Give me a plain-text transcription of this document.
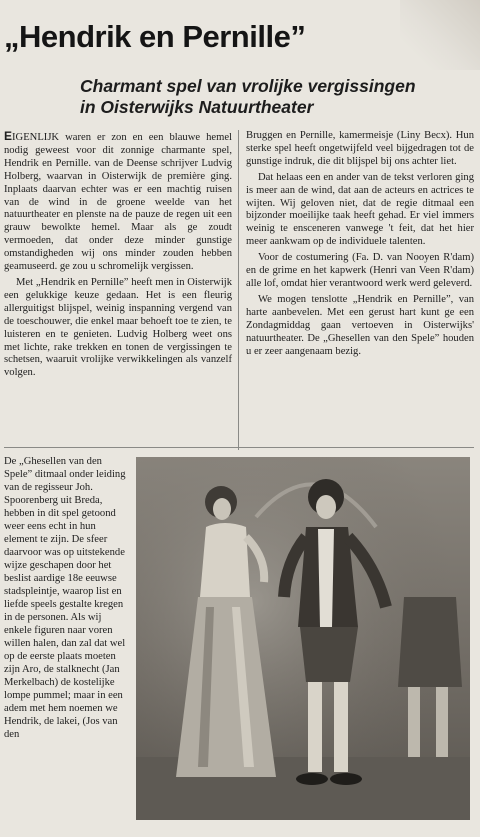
„Hendrik en Pernille”
Charmant spel van vrolijke vergissingen
in Oisterwijks Natuurtheater

EIGENLIJK waren er zon en een blauwe hemel nodig geweest voor dit zonnige charmante spel, Hendrik en Pernille. van de Deense schrijver Ludvig Holberg, waarvan in Oisterwijk de première ging. Inplaats daarvan echter was er een machtig ruisen van de wind in de groene weelde van het natuurtheater en plenste na de pauze de regen uit een grauw bewolkte hemel. Maar als ge zoudt vermoeden, dat onder deze minder gunstige omstandigheden wij ons minder zouden hebben geamuseerd. ge zou u schromelijk vergissen.

Met „Hendrik en Pernille” heeft men in Oisterwijk een gelukkige keuze gedaan. Het is een fleurig allerguitigst blijspel, weinig inspanning vergend van de toeschouwer, die enkel maar behoeft toe te zien, te luisteren en te genieten. Ludvig Holberg weet ons met lichte, rake trekken en tonen de vergissingen te schetsen, waaruit vrolijke verwikkelingen als vanzelf volgen.

Bruggen en Pernille, kamermeisje (Liny Becx). Hun sterke spel heeft ongetwijfeld veel bijgedragen tot de gunstige indruk, die dit blijspel bij ons achter liet.

Dat helaas een en ander van de tekst verloren ging is meer aan de wind, dat aan de acteurs en actrices te wijten. Wij geloven niet, dat de regie ditmaal een bijzonder moeilijke taak heeft gehad. Er viel immers weinig te ensceneren vanwege 't feit, dat het hier meer aankwam op de individuele talenten.

Voor de costumering (Fa. D. van Nooyen R'dam) en de grime en het kapwerk (Henri van Veen R'dam) alle lof, omdat hier verantwoord werk werd geleverd.

We mogen tenslotte „Hendrik en Pernille”, van harte aanbevelen. Met een gerust hart kunt ge een Zondagmiddag gaan vertoeven in Oisterwijks' natuurtheater. De „Ghesellen van den Spele” houden u er zeer aangenaam bezig.

De „Ghesellen van den Spele” ditmaal onder leiding van de regisseur Joh. Spoorenberg uit Breda, hebben in dit spel getoond weer eens echt in hun element te zijn. De sfeer daarvoor was op uitstekende wijze geschapen door het beslist aardige 18e eeuwse stadspleintje, waarop list en liefde speels gestalte kregen in de personen. Als wij enkele figuren naar voren willen halen, dan zal dat wel op de eerste plaats moeten zijn Aro, de stalknecht (Jan Merkelbach) de kostelijke lompe pummel; maar in een adem met hem noemen we Hendrik, de lakei, (Jos van den
